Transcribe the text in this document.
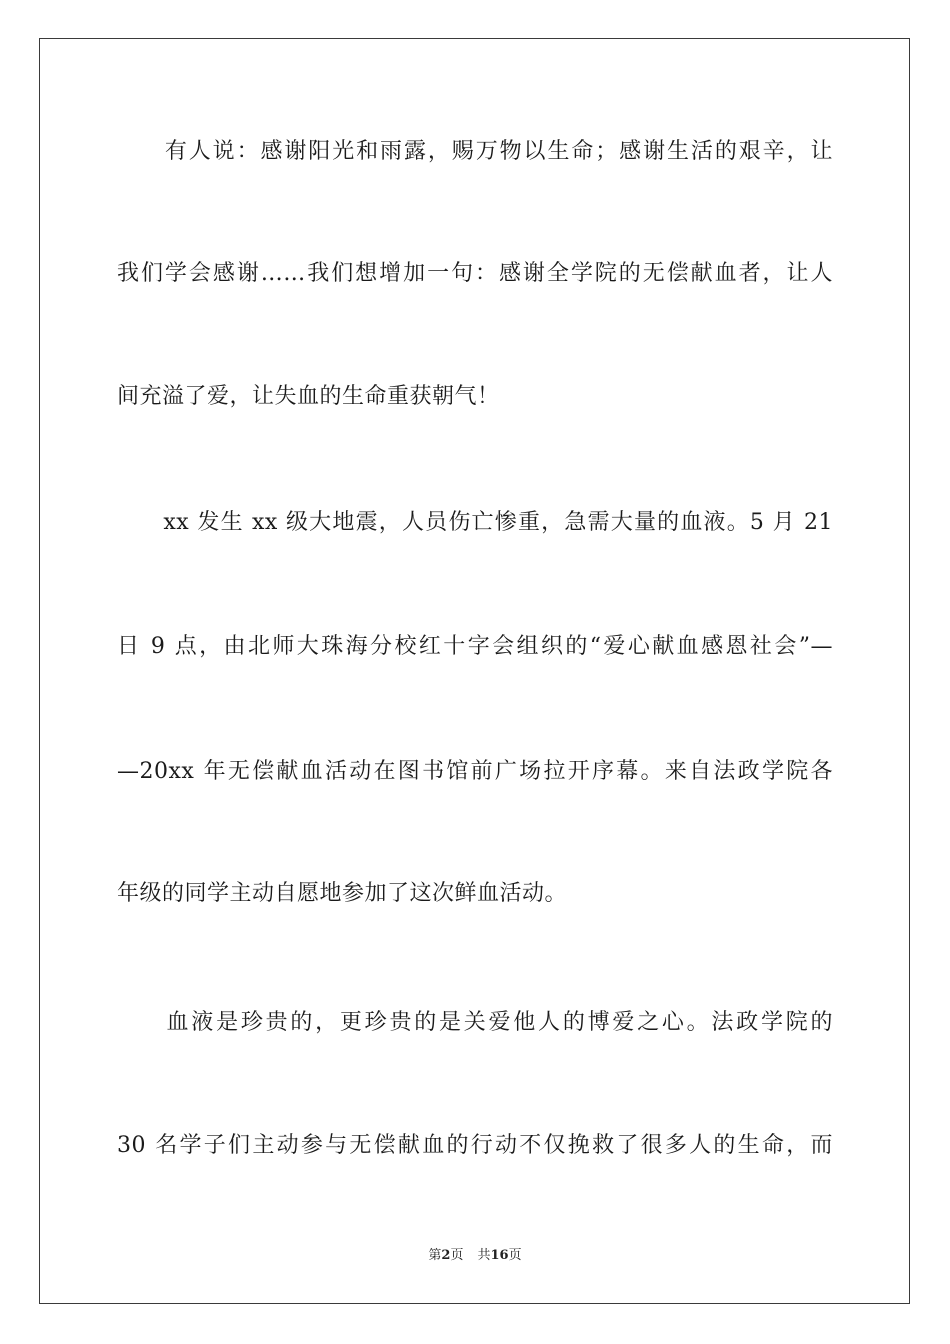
　　有人说：感谢阳光和雨露，赐万物以生命；感谢生活的艰辛，让
我们学会感谢……我们想增加一句：感谢全学院的无偿献血者，让人
间充溢了爱，让失血的生命重获朝气！
　　xx 发生 xx 级大地震，人员伤亡惨重，急需大量的血液。5 月 21
日 9 点，由北师大珠海分校红十字会组织的“爱心献血感恩社会”—
—20xx 年无偿献血活动在图书馆前广场拉开序幕。来自法政学院各
年级的同学主动自愿地参加了这次鲜血活动。
　　血液是珍贵的，更珍贵的是关爱他人的博爱之心。法政学院的
30 名学子们主动参与无偿献血的行动不仅挽救了很多人的生命，而
第2页 共16页
